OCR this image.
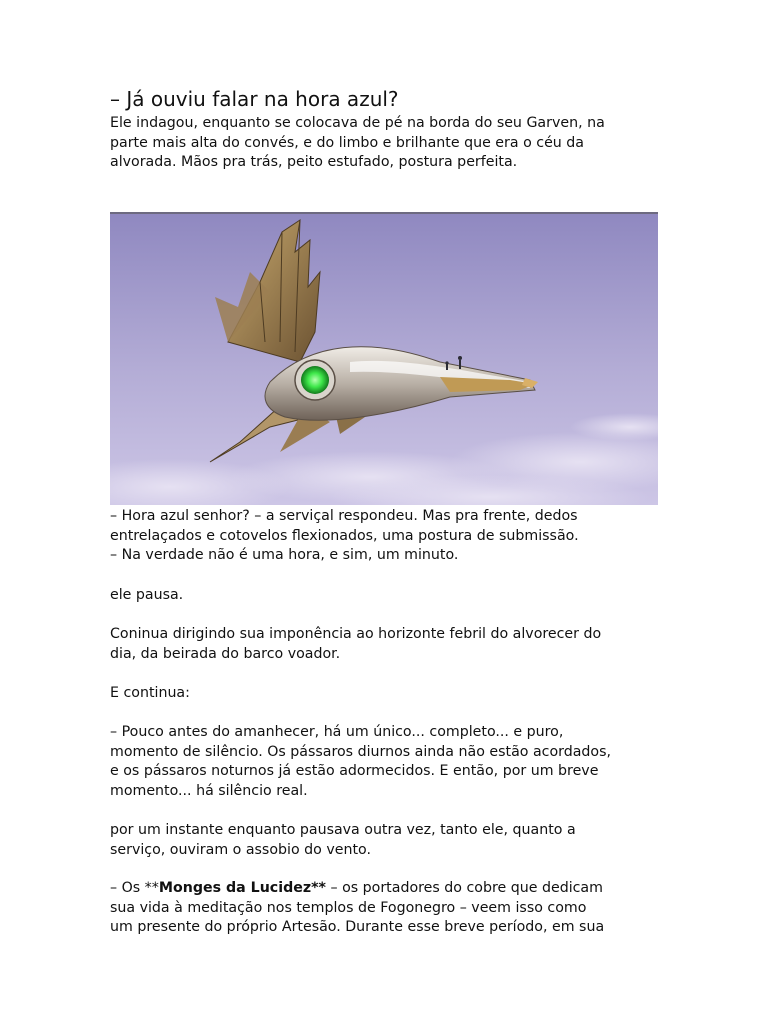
– Já ouviu falar na hora azul?

Ele indagou, enquanto se colocava de pé na borda do seu Garven, na
parte mais alta do convés, e do limbo e brilhante que era o céu da
alvorada. Mãos pra trás, peito estufado, postura perfeita.

– Hora azul senhor? – a serviçal respondeu. Mas pra frente, dedos
entrelaçados e cotovelos flexionados, uma postura de submissão.
– Na verdade não é uma hora, e sim, um minuto.

ele pausa.

Coninua dirigindo sua imponência ao horizonte febril do alvorecer do
dia, da beirada do barco voador.

E continua:

– Pouco antes do amanhecer, há um único... completo... e puro,
momento de silêncio. Os pássaros diurnos ainda não estão acordados,
e os pássaros noturnos já estão adormecidos. E então, por um breve
momento... há silêncio real.

por um instante enquanto pausava outra vez, tanto ele, quanto a
serviço, ouviram o assobio do vento.

– Os **Monges da Lucidez** – os portadores do cobre que dedicam
sua vida à meditação nos templos de Fogonegro – veem isso como
um presente do próprio Artesão. Durante esse breve período, em sua
